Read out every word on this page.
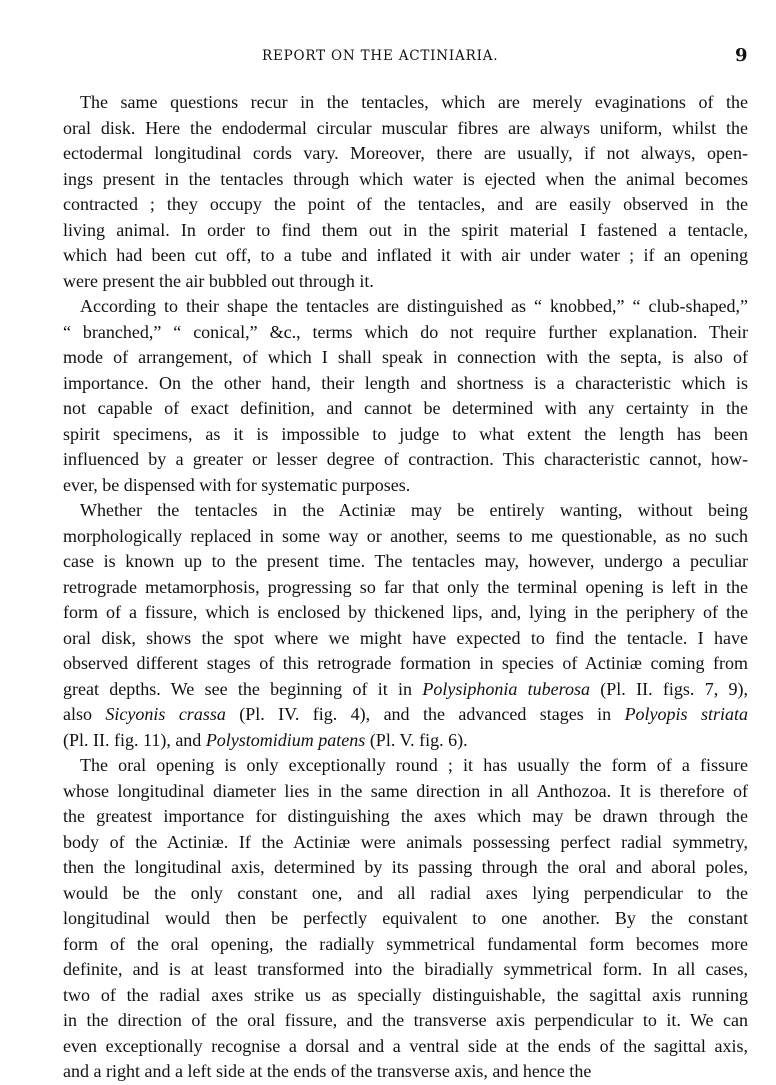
REPORT ON THE ACTINIARIA.	9
The same questions recur in the tentacles, which are merely evaginations of the
oral disk. Here the endodermal circular muscular fibres are always uniform, whilst the
ectodermal longitudinal cords vary. Moreover, there are usually, if not always, open-
ings present in the tentacles through which water is ejected when the animal becomes
contracted ; they occupy the point of the tentacles, and are easily observed in the
living animal. In order to find them out in the spirit material I fastened a tentacle,
which had been cut off, to a tube and inflated it with air under water ; if an opening
were present the air bubbled out through it.
According to their shape the tentacles are distinguished as “ knobbed,” “ club-shaped,”
“ branched,” “ conical,” &c., terms which do not require further explanation. Their
mode of arrangement, of which I shall speak in connection with the septa, is also of
importance. On the other hand, their length and shortness is a characteristic which is
not capable of exact definition, and cannot be determined with any certainty in the
spirit specimens, as it is impossible to judge to what extent the length has been
influenced by a greater or lesser degree of contraction. This characteristic cannot, how-
ever, be dispensed with for systematic purposes.
Whether the tentacles in the Actiniæ may be entirely wanting, without being
morphologically replaced in some way or another, seems to me questionable, as no such
case is known up to the present time. The tentacles may, however, undergo a peculiar
retrograde metamorphosis, progressing so far that only the terminal opening is left in the
form of a fissure, which is enclosed by thickened lips, and, lying in the periphery of the
oral disk, shows the spot where we might have expected to find the tentacle. I have
observed different stages of this retrograde formation in species of Actiniæ coming from
great depths. We see the beginning of it in Polysiphonia tuberosa (Pl. II. figs. 7, 9),
also Sicyonis crassa (Pl. IV. fig. 4), and the advanced stages in Polyopis striata
(Pl. II. fig. 11), and Polystomidium patens (Pl. V. fig. 6).
The oral opening is only exceptionally round ; it has usually the form of a fissure
whose longitudinal diameter lies in the same direction in all Anthozoa. It is therefore of
the greatest importance for distinguishing the axes which may be drawn through the
body of the Actiniæ. If the Actiniæ were animals possessing perfect radial symmetry,
then the longitudinal axis, determined by its passing through the oral and aboral poles,
would be the only constant one, and all radial axes lying perpendicular to the
longitudinal would then be perfectly equivalent to one another. By the constant
form of the oral opening, the radially symmetrical fundamental form becomes more
definite, and is at least transformed into the biradially symmetrical form. In all cases,
two of the radial axes strike us as specially distinguishable, the sagittal axis running
in the direction of the oral fissure, and the transverse axis perpendicular to it. We can
even exceptionally recognise a dorsal and a ventral side at the ends of the sagittal axis,
and a right and a left side at the ends of the transverse axis, and hence the
